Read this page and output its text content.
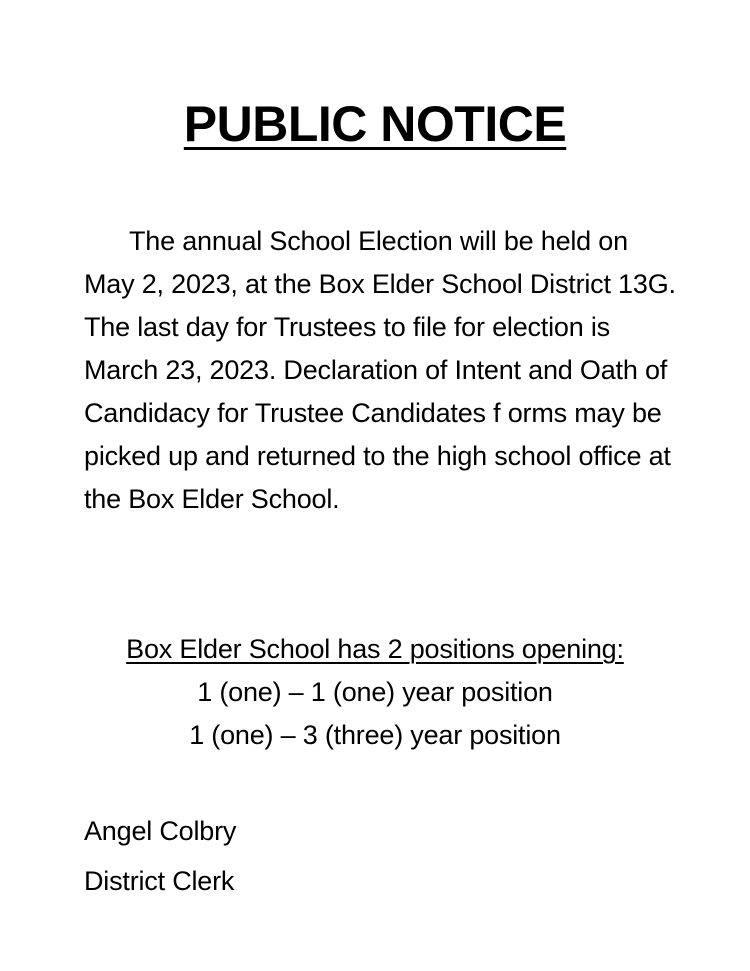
PUBLIC NOTICE

The annual School Election will be held on May 2, 2023, at the Box Elder School District 13G. The last day for Trustees to file for election is March 23, 2023. Declaration of Intent and Oath of Candidacy for Trustee Candidates f orms may be picked up and returned to the high school office at the Box Elder School.

Box Elder School has 2 positions opening:
1 (one) – 1 (one) year position
1 (one) – 3 (three) year position
Angel Colbry
District Clerk
